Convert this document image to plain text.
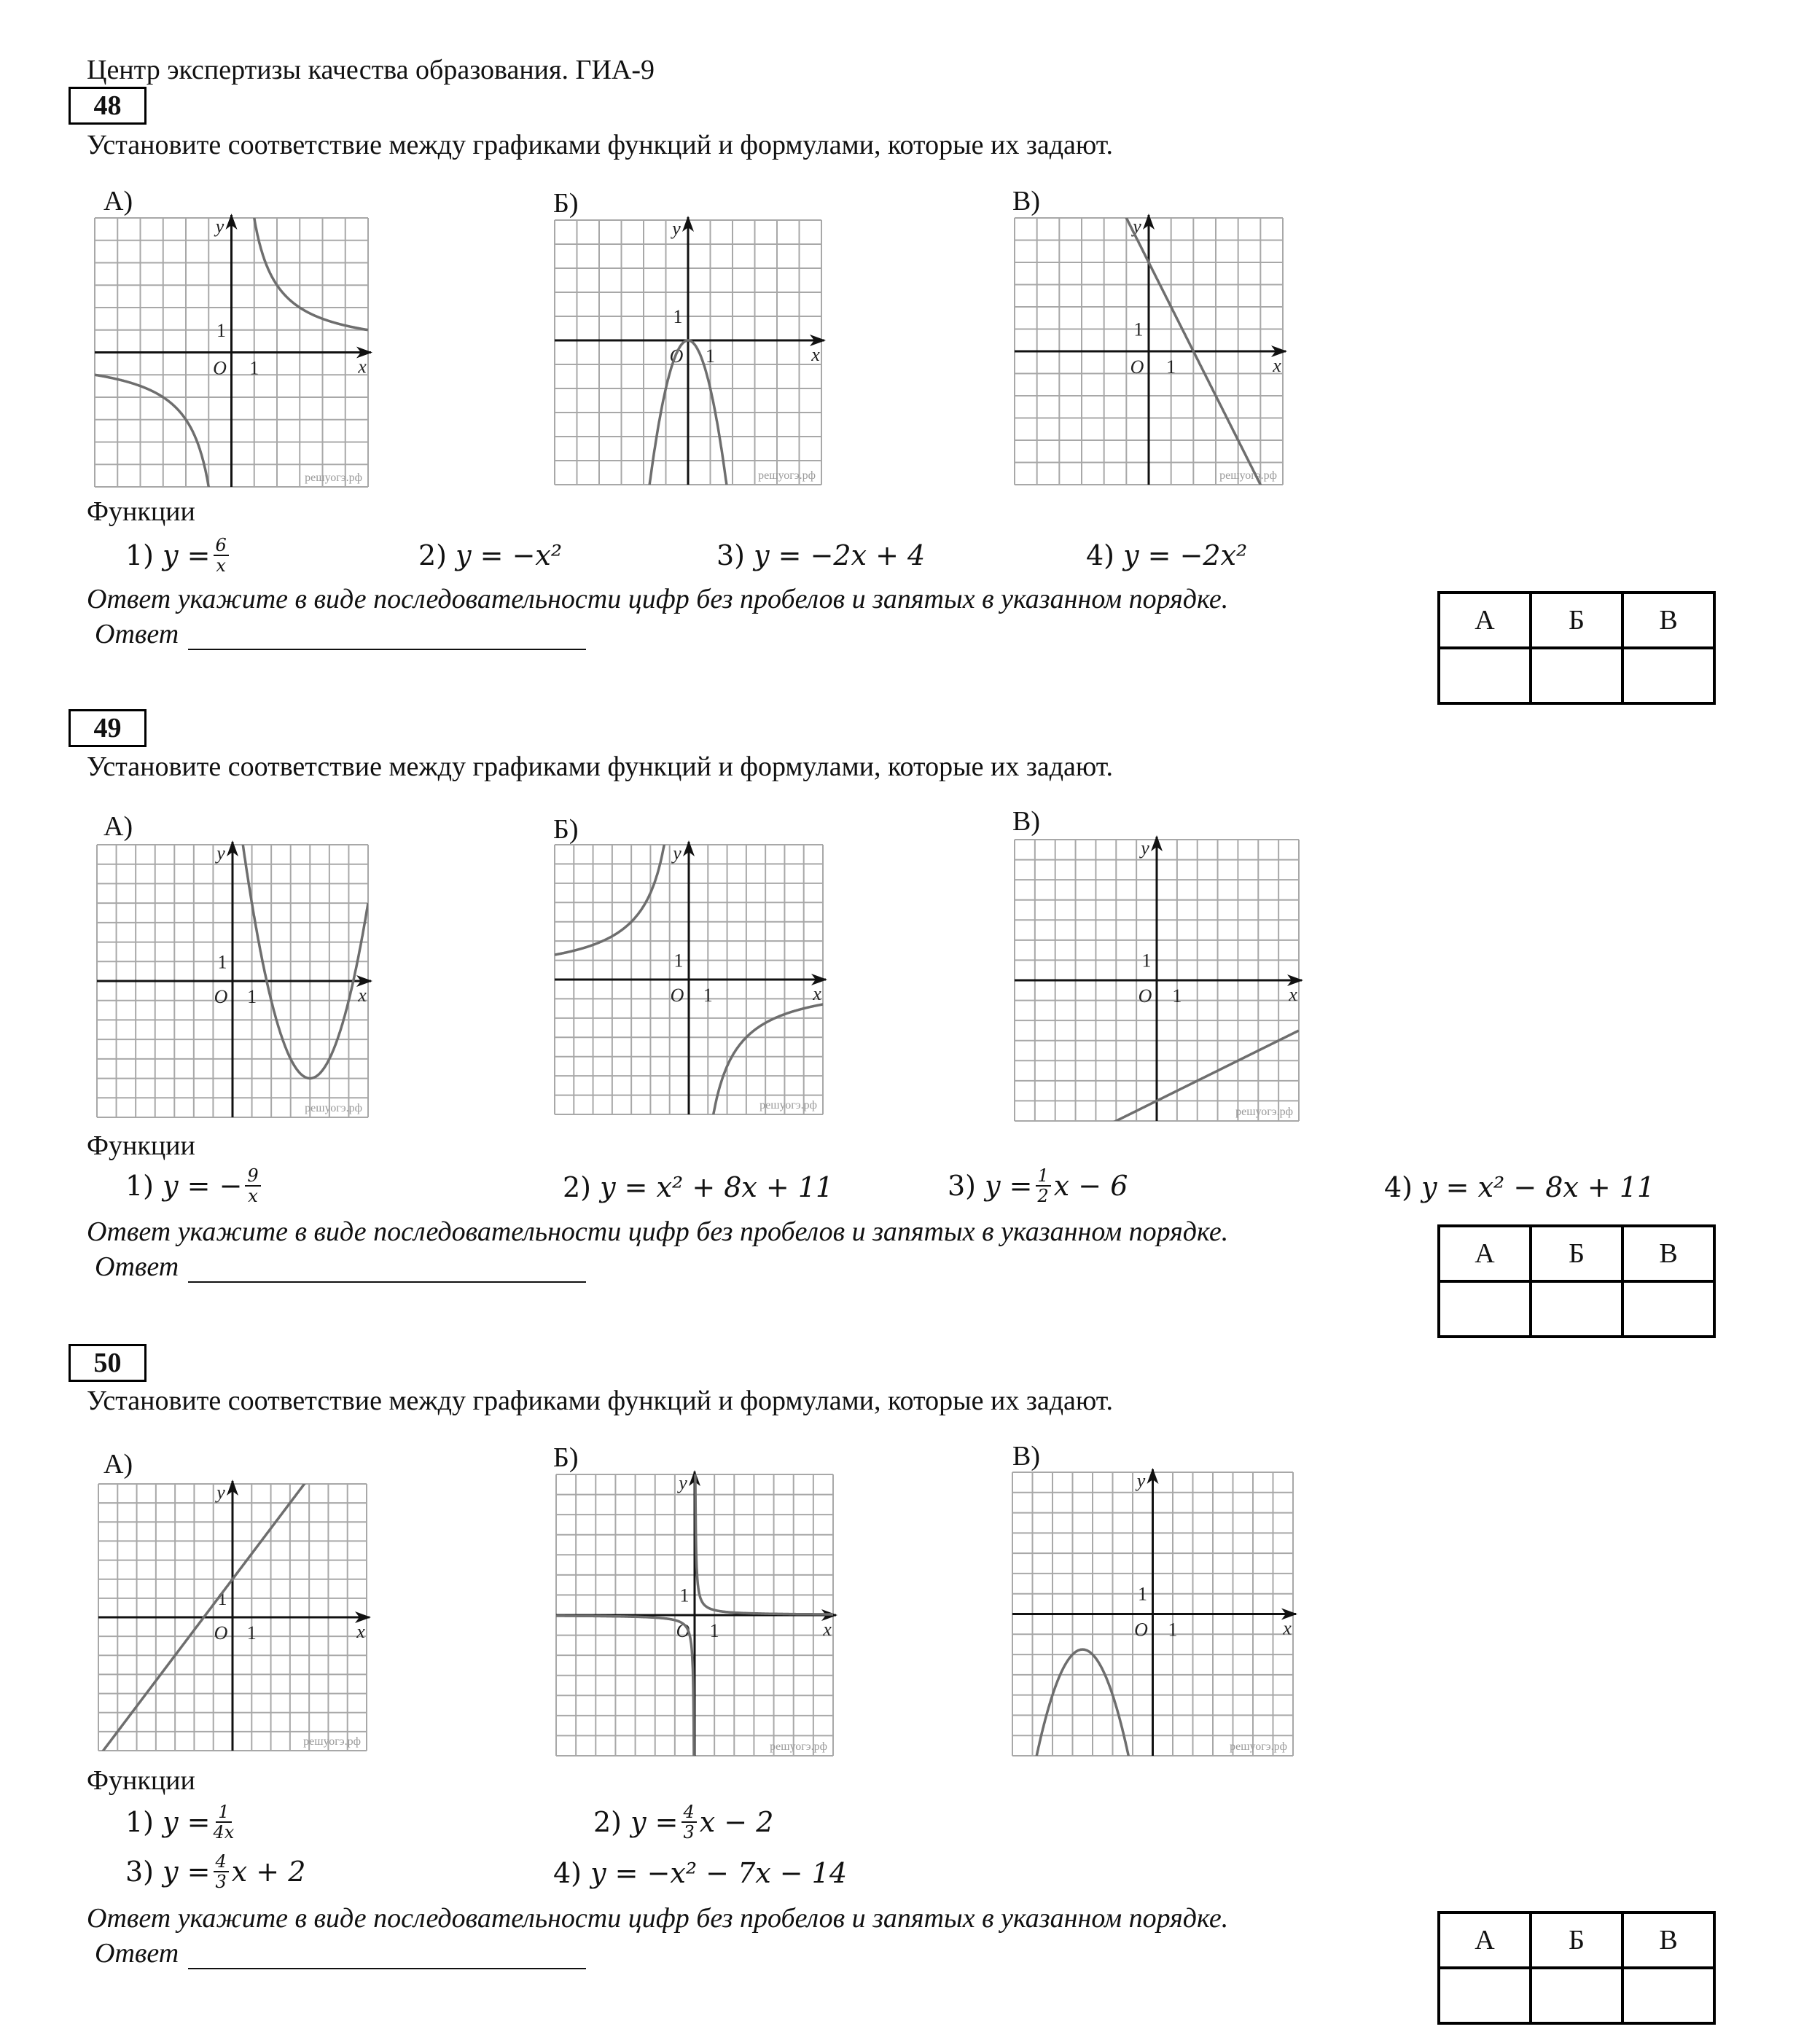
Центр экспертизы качества образования. ГИА-9
48
Установите соответствие между графиками функций и формулами, которые их задают.
А)	Б)	В)
y
x
O 1
1
решуогэ.рф
y
x
O 1
1
решуогэ.рф
y
x
O 1
1
решуогэ.рф
Функции
1)
$y = \frac{6}{x}$	2)
y = −x²	3)
y = −2x + 4	4)
y = −2x²
Ответ укажите в виде последовательности цифр без пробелов и запятых в указанном порядке.
Ответ	А	Б	В

49
Установите соответствие между графиками функций и формулами, которые их задают.
А)	Б)	В)
y
x
O 1
1
решуогэ.рф
y
x
O 1
1
решуогэ.рф
y
x
O 1
1
решуогэ.рф
Функции
1)
y = − $\frac{9}{x}$	2)
y = x² + 8x + 11	3)
$y = \frac{1}{2}$ x − 6	4)
y = x² − 8x + 11
Ответ укажите в виде последовательности цифр без пробелов и запятых в указанном порядке.
Ответ	А	Б	В

50
Установите соответствие между графиками функций и формулами, которые их задают.
А)	Б)	В)
y
x
O 1
1
решуогэ.рф
y
x
O 1
1
решуогэ.рф
y
x
O 1
1
решуогэ.рф
Функции
1)
$y = \frac{1}{4x}$	2)
$y = \frac{4}{3}$ x − 2
3)
$y = \frac{4}{3}$ x + 2	4)
y = −x² − 7x − 14
Ответ укажите в виде последовательности цифр без пробелов и запятых в указанном порядке.
Ответ	А	Б	В
